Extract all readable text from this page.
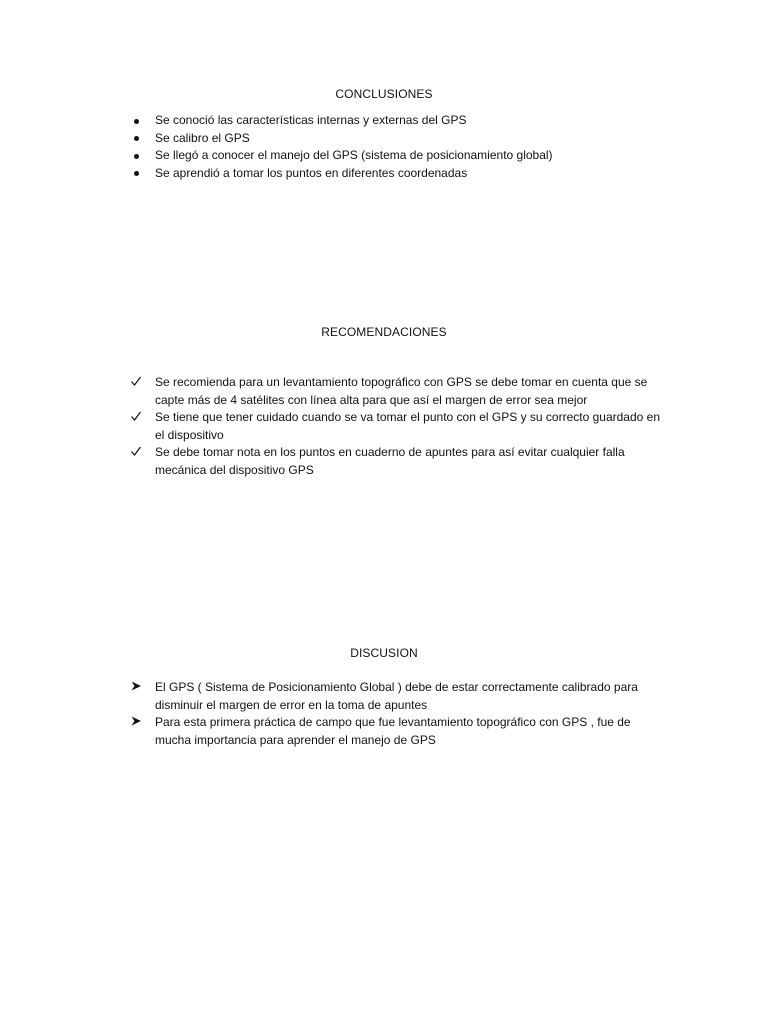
CONCLUSIONES
Se conoció las características internas y externas del GPS
Se calibro el GPS
Se llegó a conocer el manejo del GPS (sistema de posicionamiento global)
Se aprendió a tomar los puntos en diferentes coordenadas
RECOMENDACIONES
Se recomienda para un levantamiento topográfico con GPS se debe tomar en cuenta que se capte más de 4 satélites con línea alta para que así el margen de error sea mejor
Se tiene que tener cuidado cuando se va tomar el punto con el GPS y su correcto guardado en el dispositivo
Se debe tomar nota en los puntos en cuaderno de apuntes para así evitar cualquier falla mecánica del dispositivo GPS
DISCUSION
El GPS ( Sistema de Posicionamiento Global ) debe de estar correctamente calibrado para disminuir el margen de error en la toma de apuntes
Para esta primera práctica de campo que fue levantamiento topográfico con GPS , fue de mucha importancia para aprender el manejo de GPS
